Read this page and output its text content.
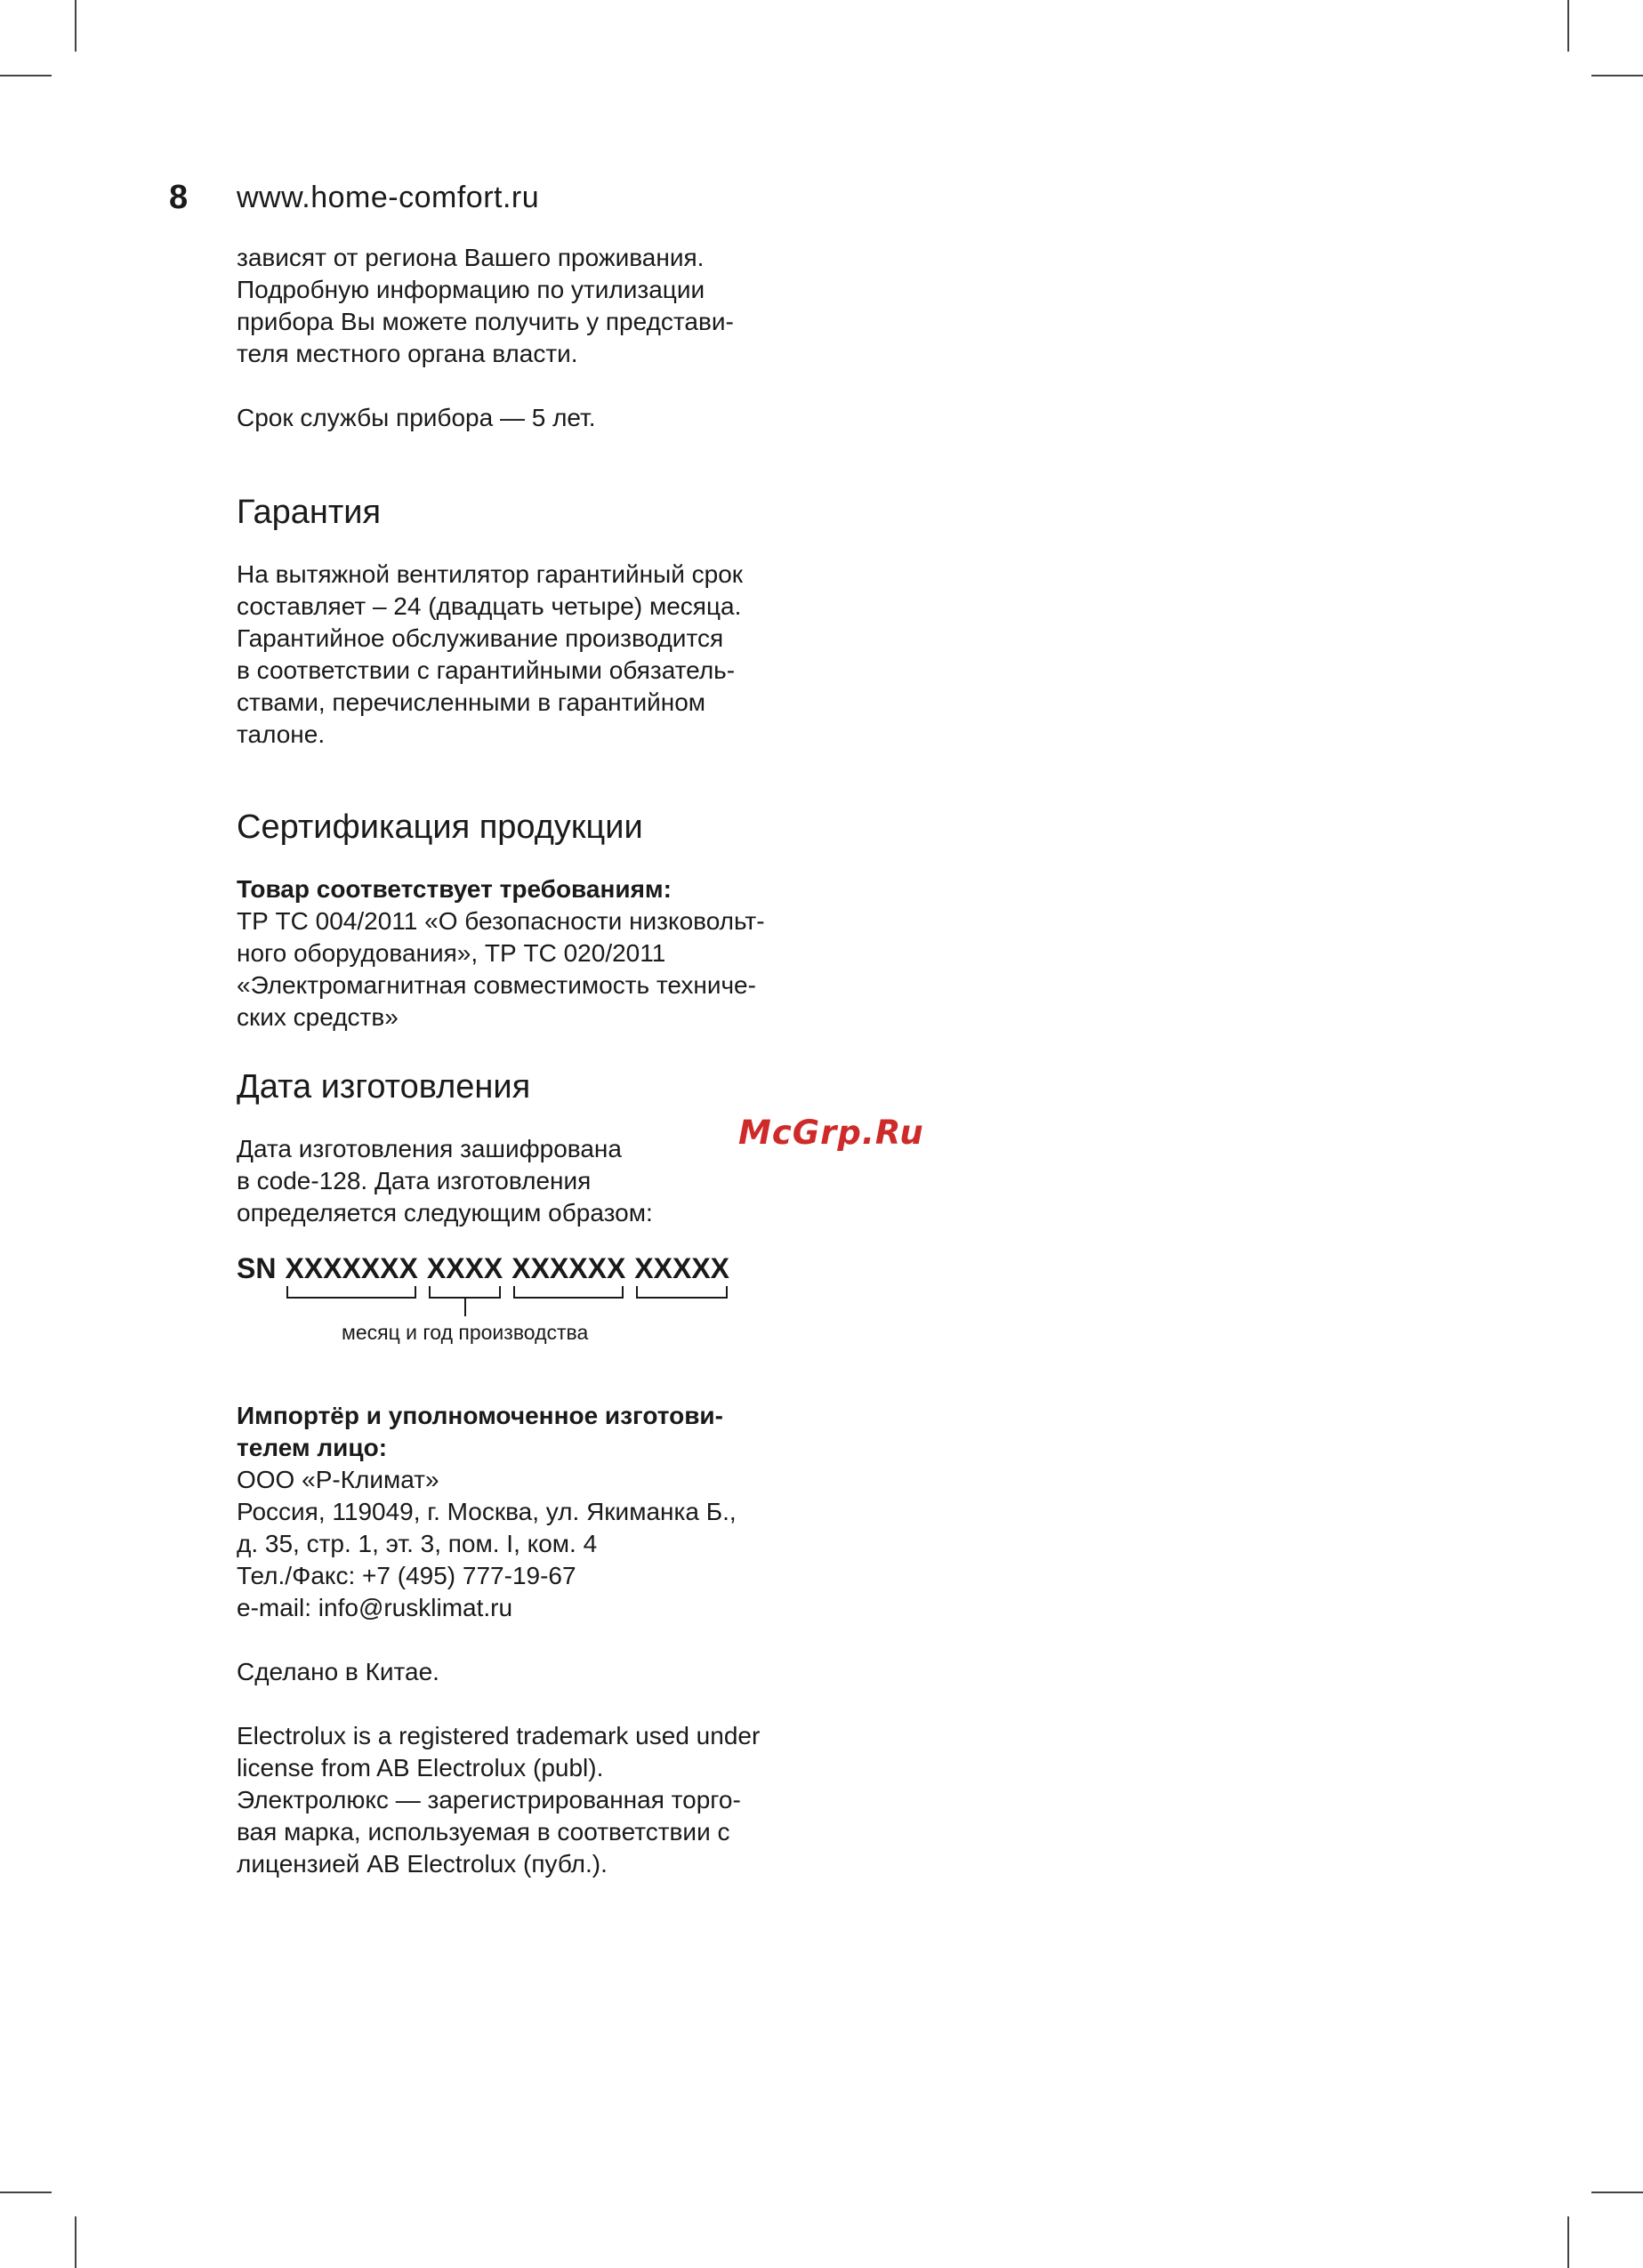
8	www.home-comfort.ru
McGrp.Ru

зависят от региона Вашего проживания.
Подробную информацию по утилизации
прибора Вы можете получить у представи-
теля местного органа власти.

Срок службы прибора — 5 лет.

Гарантия

На вытяжной вентилятор гарантийный срок
составляет – 24 (двадцать четыре) месяца.
Гарантийное обслуживание производится
в соответствии с гарантийными обязатель-
ствами, перечисленными в гарантийном
талоне.

Сертификация продукции
Товар соответствует требованиям:
ТР ТС 004/2011 «О безопасности низковольт-
ного оборудования», ТР ТС 020/2011
«Электромагнитная совместимость техниче-
ских средств»
Дата изготовления
Дата изготовления зашифрована
в code-128. Дата изготовления
определяется следующим образом:
SN XXXXXXX XXXX XXXXXX XXXXX
месяц и год производства
Импортёр и уполномоченное изготови-
телем лицо:
ООО «Р-Климат»
Россия, 119049, г. Москва, ул. Якиманка Б.,
д. 35, стр. 1, эт. 3, пом. I, ком. 4
Тел./Факс: +7 (495) 777-19-67
e-mail: info@rusklimat.ru

Сделано в Китае.

Electrolux is a registered trademark used under
license from AB Electrolux (publ).
Электролюкс — зарегистрированная торго-
вая марка, используемая в соответствии с
лицензией AB Electrolux (публ.).
